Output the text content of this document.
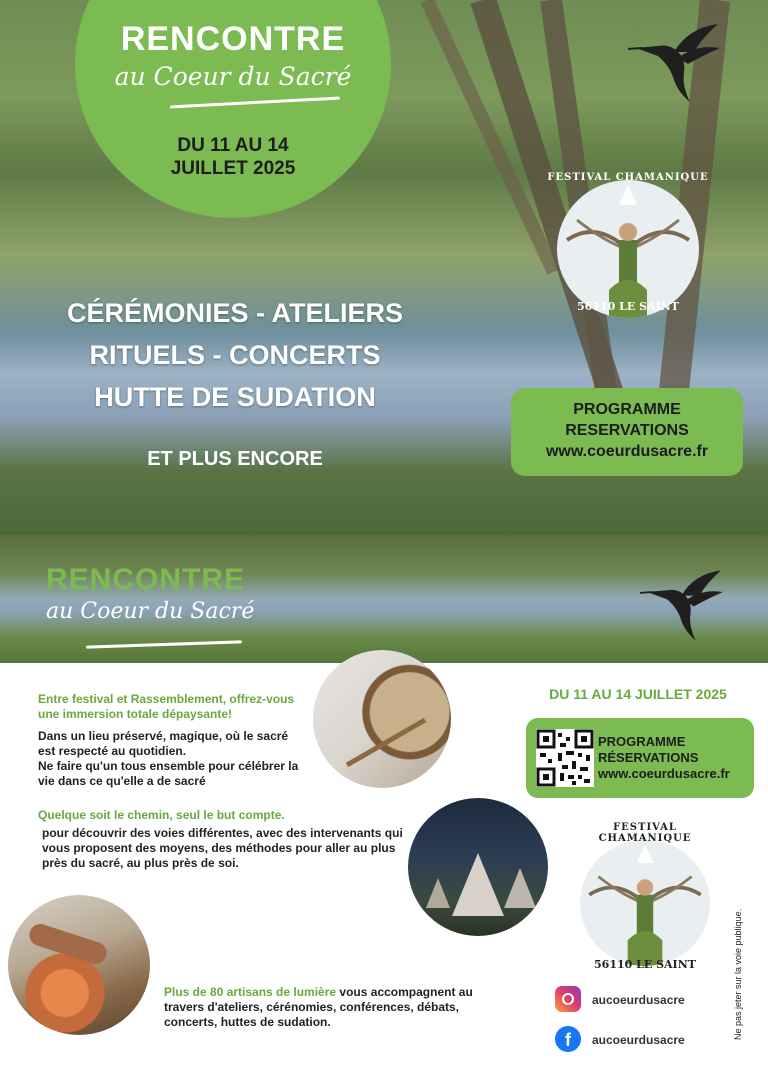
RENCONTRE
au Coeur du Sacré
DU 11 AU 14
JUILLET 2025	FESTIVAL CHAMANIQUE
56110 LE SAINT
CÉRÉMONIES - ATELIERS
RITUELS - CONCERTS
HUTTE DE SUDATION
ET PLUS ENCORE
PROGRAMME
RESERVATIONS
www.coeurdusacre.fr
RENCONTRE
au Coeur du Sacré
Entre festival et Rassemblement, offrez-vous une immersion totale dépaysante!
Dans un lieu préservé, magique, où le sacré est respecté au quotidien.
Ne faire qu'un tous ensemble pour célébrer la vie dans ce qu'elle a de sacré
Quelque soit le chemin, seul le but compte.
pour découvrir des voies différentes, avec des intervenants qui vous proposent des moyens, des méthodes pour aller au plus près du sacré, au plus près de soi.
Plus de 80 artisans de lumière vous accompagnent au travers d'ateliers, cérénomies, conférences, débats, concerts, huttes de sudation.
DU 11 AU 14 JUILLET 2025
PROGRAMME
RÉSERVATIONS
www.coeurdusacre.fr
FESTIVAL CHAMANIQUE
56110 LE SAINT
aucoeurdusacre
f	aucoeurdusacre	Ne pas jeter sur la voie publique.
